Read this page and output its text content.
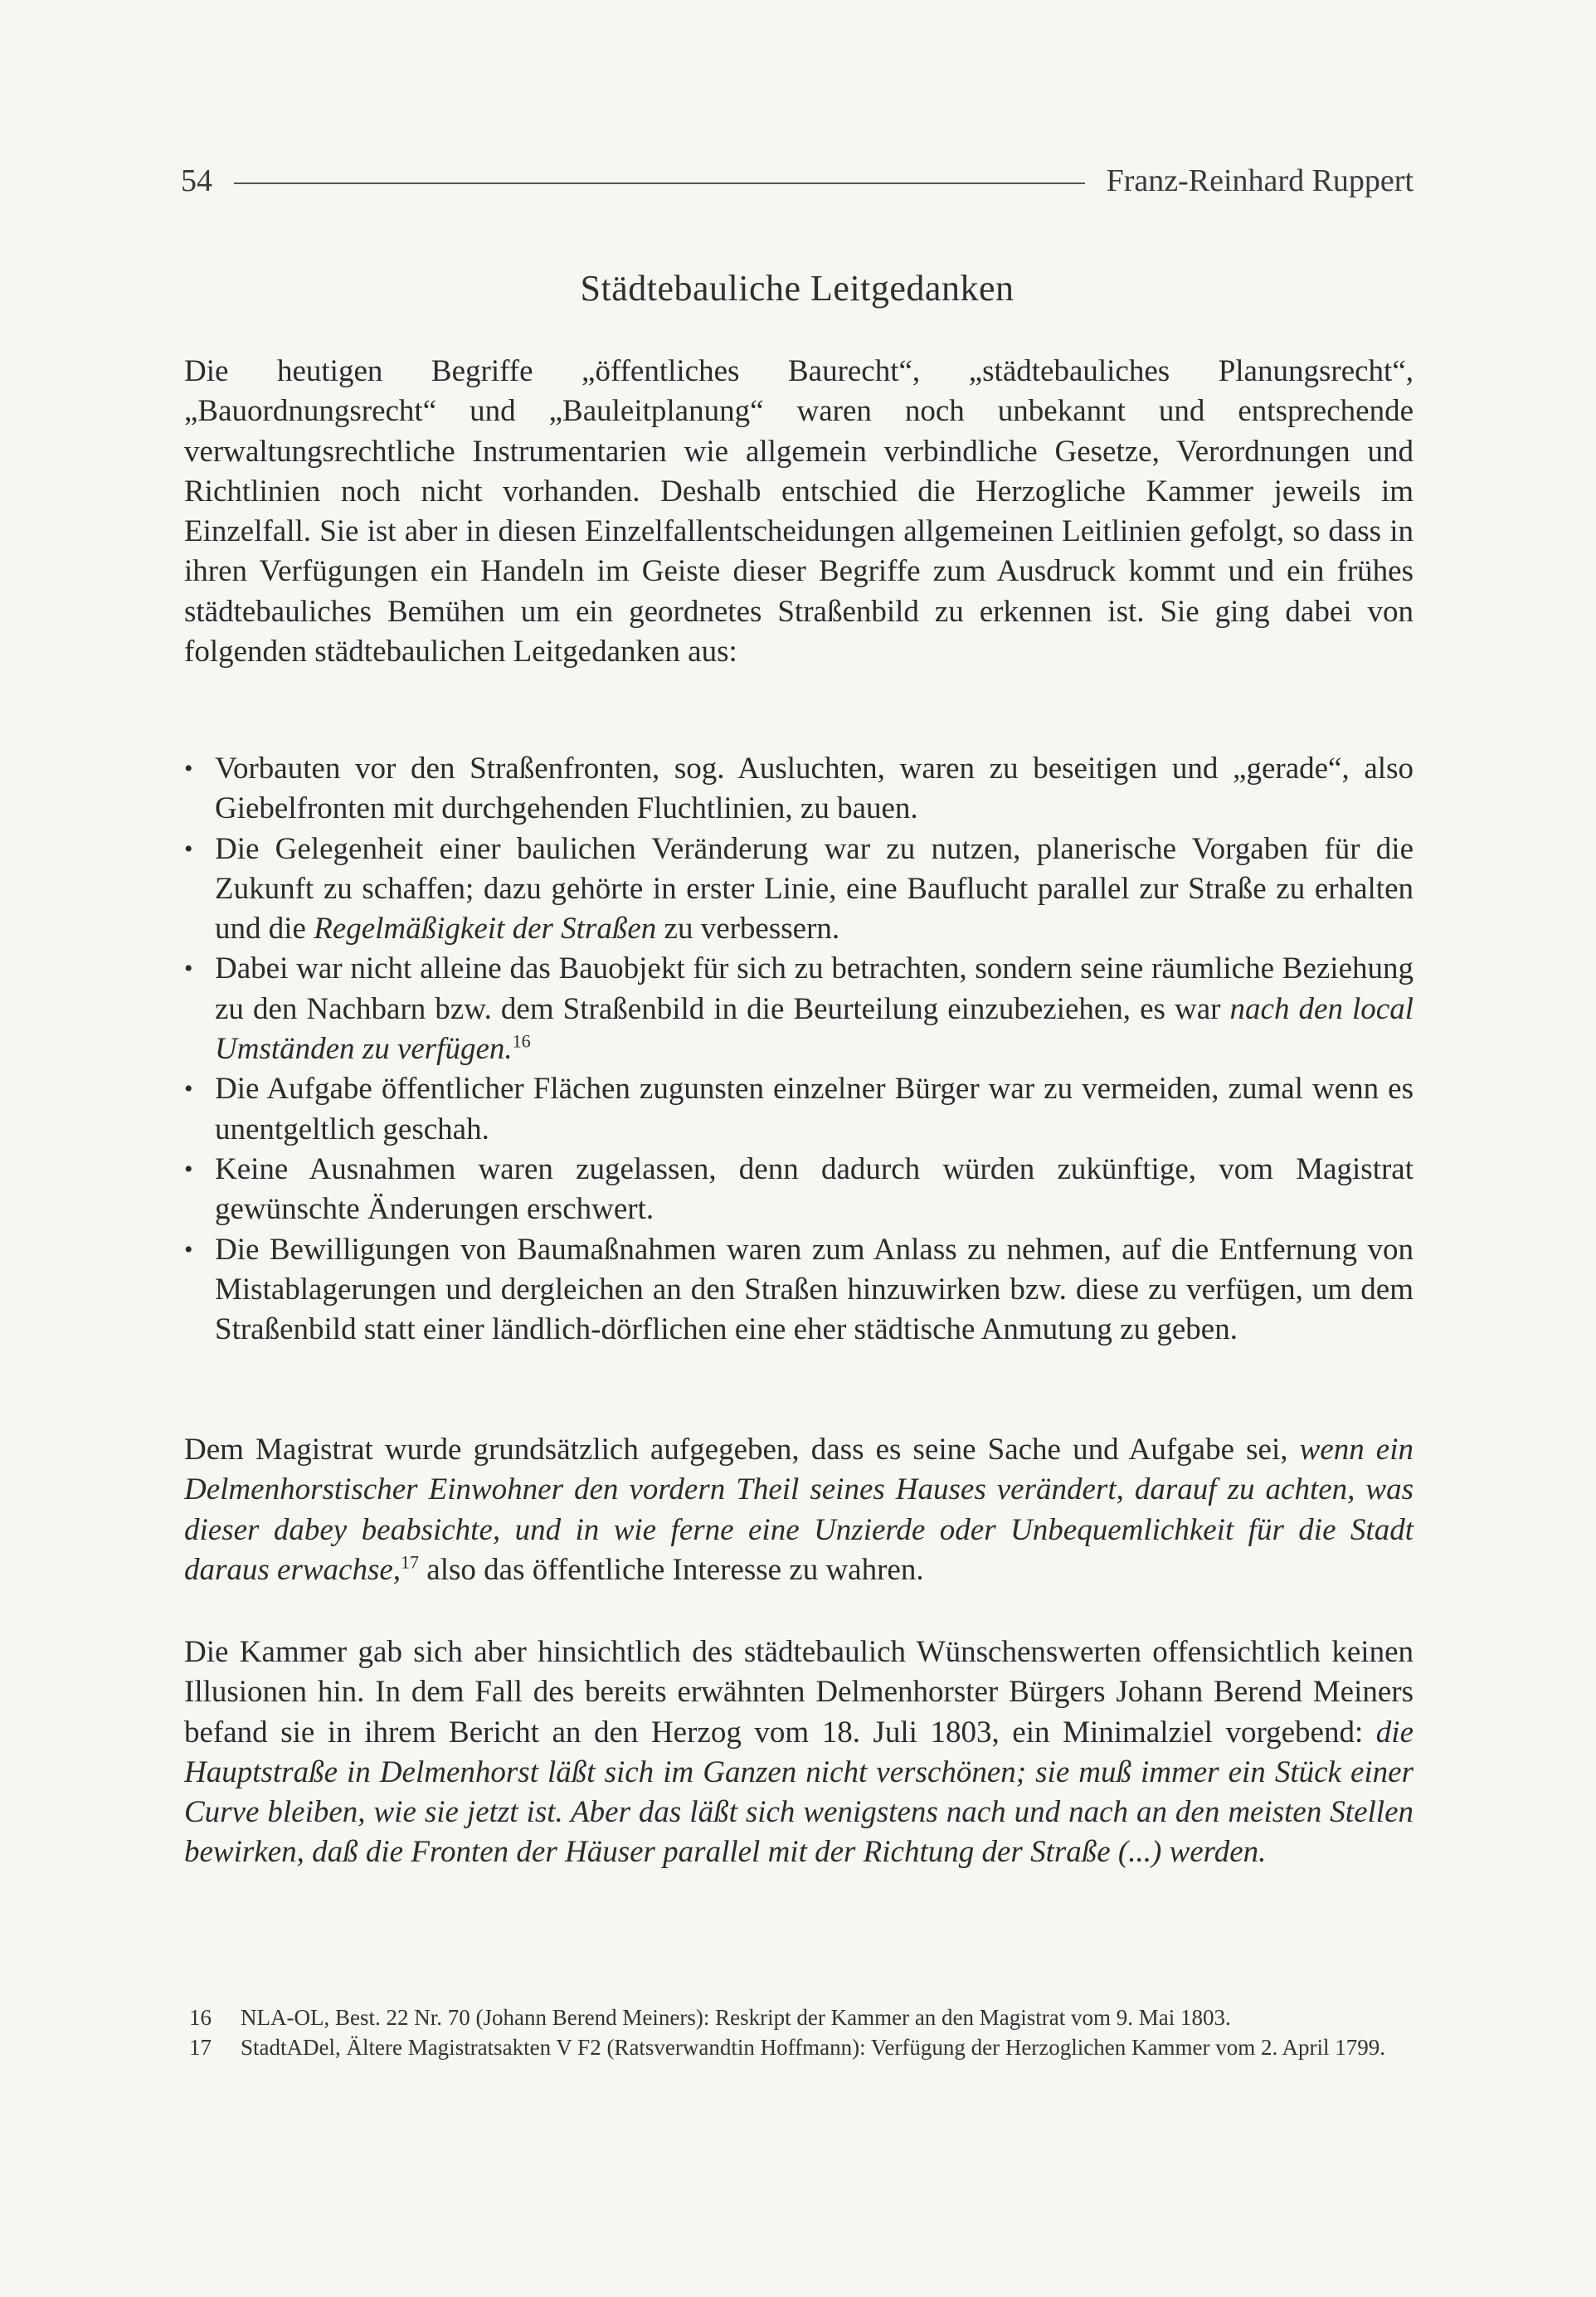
54	Franz-Reinhard Ruppert
Städtebauliche Leitgedanken
Die heutigen Begriffe „öffentliches Baurecht“, „städtebauliches Planungsrecht“, „Bauordnungsrecht“ und „Bauleitplanung“ waren noch unbekannt und entsprechende verwaltungsrechtliche Instrumentarien wie allgemein verbindliche Gesetze, Verordnungen und Richtlinien noch nicht vorhanden. Deshalb entschied die Herzogliche Kammer jeweils im Einzelfall. Sie ist aber in diesen Einzelfallentscheidungen allgemeinen Leitlinien gefolgt, so dass in ihren Verfügungen ein Handeln im Geiste dieser Begriffe zum Ausdruck kommt und ein frühes städtebauliches Bemühen um ein geordnetes Straßenbild zu erkennen ist. Sie ging dabei von folgenden städtebaulichen Leitgedanken aus:
• Vorbauten vor den Straßenfronten, sog. Ausluchten, waren zu beseitigen und „gerade“, also Giebelfronten mit durchgehenden Fluchtlinien, zu bauen.
• Die Gelegenheit einer baulichen Veränderung war zu nutzen, planerische Vorgaben für die Zukunft zu schaffen; dazu gehörte in erster Linie, eine Bauflucht parallel zur Straße zu erhalten und die Regelmäßigkeit der Straßen zu verbessern.
• Dabei war nicht alleine das Bauobjekt für sich zu betrachten, sondern seine räumliche Beziehung zu den Nachbarn bzw. dem Straßenbild in die Beurteilung einzubeziehen, es war nach den local Umständen zu verfügen.$^{16}$
• Die Aufgabe öffentlicher Flächen zugunsten einzelner Bürger war zu vermeiden, zumal wenn es unentgeltlich geschah.
• Keine Ausnahmen waren zugelassen, denn dadurch würden zukünftige, vom Magistrat gewünschte Änderungen erschwert.
• Die Bewilligungen von Baumaßnahmen waren zum Anlass zu nehmen, auf die Entfernung von Mistablagerungen und dergleichen an den Straßen hinzuwirken bzw. diese zu verfügen, um dem Straßenbild statt einer ländlich-dörflichen eine eher städtische Anmutung zu geben.
Dem Magistrat wurde grundsätzlich aufgegeben, dass es seine Sache und Aufgabe sei, wenn ein Delmenhorstischer Einwohner den vordern Theil seines Hauses verändert, darauf zu achten, was dieser dabey beabsichte, und in wie ferne eine Unzierde oder Unbequemlichkeit für die Stadt daraus erwachse,$^{17}$ also das öffentliche Interesse zu wahren.
Die Kammer gab sich aber hinsichtlich des städtebaulich Wünschenswerten offensichtlich keinen Illusionen hin. In dem Fall des bereits erwähnten Delmenhorster Bürgers Johann Berend Meiners befand sie in ihrem Bericht an den Herzog vom 18. Juli 1803, ein Minimalziel vorgebend: die Hauptstraße in Delmenhorst läßt sich im Ganzen nicht verschönen; sie muß immer ein Stück einer Curve bleiben, wie sie jetzt ist. Aber das läßt sich wenigstens nach und nach an den meisten Stellen bewirken, daß die Fronten der Häuser parallel mit der Richtung der Straße (...) werden.
16	NLA-OL, Best. 22 Nr. 70 (Johann Berend Meiners): Reskript der Kammer an den Magistrat vom 9. Mai 1803.
17	StadtADel, Ältere Magistratsakten V F2 (Ratsverwandtin Hoffmann): Verfügung der Herzoglichen Kammer vom 2. April 1799.
